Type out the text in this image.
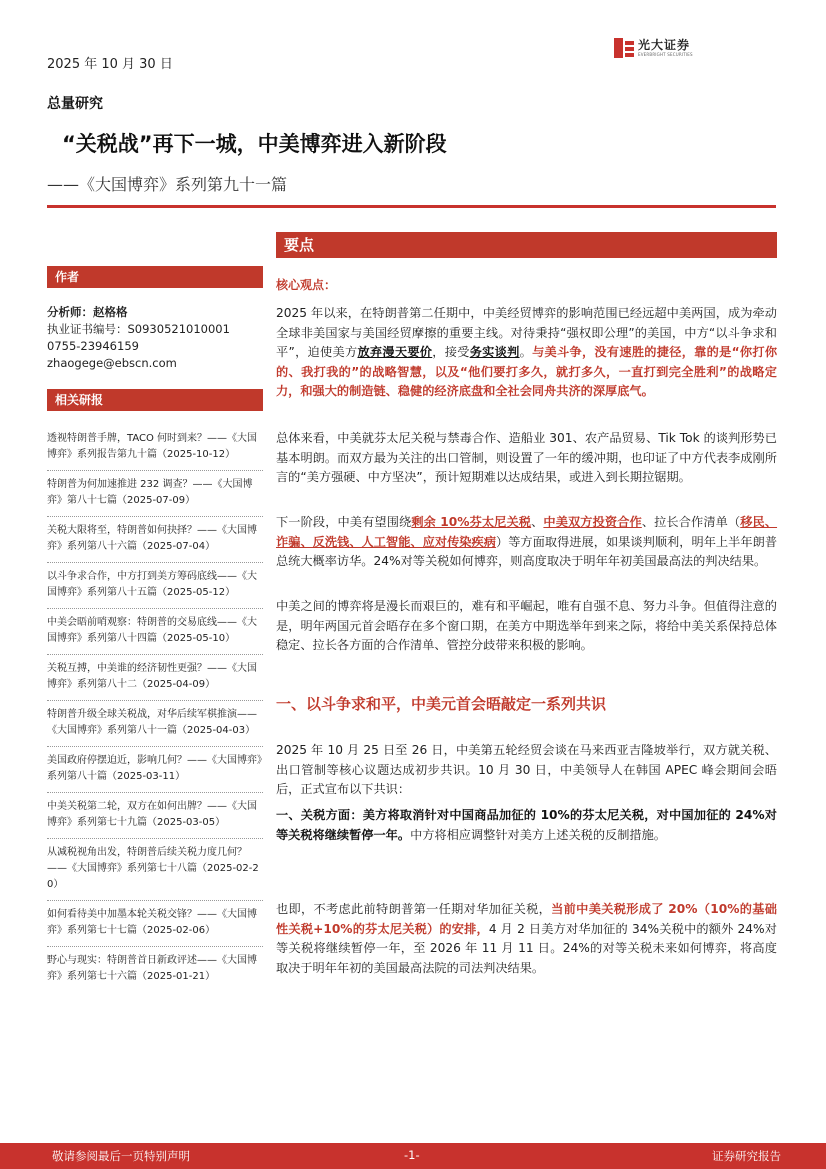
2025 年 10 月 30 日
光大证券
EVERBRIGHT SECURITIES
总量研究
“关税战”再下一城，中美博弈进入新阶段
——《大国博弈》系列第九十一篇
作者
分析师：赵格格
执业证书编号：S0930521010001
0755-23946159
zhaogege@ebscn.com
相关研报
透视特朗普手牌，TACO 何时到来？——《大国博弈》系列报告第九十篇（2025-10-12）
特朗普为何加速推进 232 调查？——《大国博弈》第八十七篇（2025-07-09）
关税大限将至，特朗普如何抉择？——《大国博弈》系列第八十六篇（2025-07-04）
以斗争求合作，中方打到美方筹码底线——《大国博弈》系列第八十五篇（2025-05-12）
中美会晤前哨观察：特朗普的交易底线——《大国博弈》系列第八十四篇（2025-05-10）
关税互搏，中美谁的经济韧性更强？——《大国博弈》系列第八十二（2025-04-09）
特朗普升级全球关税战，对华后续军棋推演——《大国博弈》系列第八十一篇（2025-04-03）
美国政府停摆迫近，影响几何？——《大国博弈》系列第八十篇（2025-03-11）
中美关税第二轮，双方在如何出牌？——《大国博弈》系列第七十九篇（2025-03-05）
从减税视角出发，特朗普后续关税力度几何？——《大国博弈》系列第七十八篇（2025-02-20）
如何看待美中加墨本轮关税交锋？——《大国博弈》系列第七十七篇（2025-02-06）
野心与现实：特朗普首日新政评述——《大国博弈》系列第七十六篇（2025-01-21）
要点
核心观点：
2025 年以来，在特朗普第二任期中，中美经贸博弈的影响范围已经远超中美两国，成为牵动全球非美国家与美国经贸摩擦的重要主线。对待秉持“强权即公理”的美国，中方“以斗争求和平”，迫使美方放弃漫天要价，接受务实谈判。与美斗争，没有速胜的捷径，靠的是“你打你的、我打我的”的战略智慧，以及“他们要打多久，就打多久，一直打到完全胜利”的战略定力，和强大的制造链、稳健的经济底盘和全社会同舟共济的深厚底气。
总体来看，中美就芬太尼关税与禁毒合作、造船业 301、农产品贸易、Tik Tok 的谈判形势已基本明朗。而双方最为关注的出口管制，则设置了一年的缓冲期，也印证了中方代表李成刚所言的“美方强硬、中方坚决”，预计短期难以达成结果，或进入到长期拉锯期。
下一阶段，中美有望围绕剩余 10%芬太尼关税、中美双方投资合作、拉长合作清单（移民、诈骗、反洗钱、人工智能、应对传染疾病）等方面取得进展，如果谈判顺利，明年上半年朗普总统大概率访华。24%对等关税如何博弈，则高度取决于明年年初美国最高法的判决结果。
中美之间的博弈将是漫长而艰巨的，难有和平崛起，唯有自强不息、努力斗争。但值得注意的是，明年两国元首会晤存在多个窗口期，在美方中期选举年到来之际，将给中美关系保持总体稳定、拉长各方面的合作清单、管控分歧带来积极的影响。
一、以斗争求和平，中美元首会晤敲定一系列共识
2025 年 10 月 25 日至 26 日，中美第五轮经贸会谈在马来西亚吉隆坡举行，双方就关税、出口管制等核心议题达成初步共识。10 月 30 日，中美领导人在韩国 APEC 峰会期间会晤后，正式宣布以下共识：
一、关税方面：美方将取消针对中国商品加征的 10%的芬太尼关税，对中国加征的 24%对等关税将继续暂停一年。中方将相应调整针对美方上述关税的反制措施。
也即，不考虑此前特朗普第一任期对华加征关税，当前中美关税形成了 20%（10%的基础性关税+10%的芬太尼关税）的安排，4 月 2 日美方对华加征的 34%关税中的额外 24%对等关税将继续暂停一年，至 2026 年 11 月 11 日。24%的对等关税未来如何博弈，将高度取决于明年年初的美国最高法院的司法判决结果。
敬请参阅最后一页特别声明	-1-	证券研究报告
